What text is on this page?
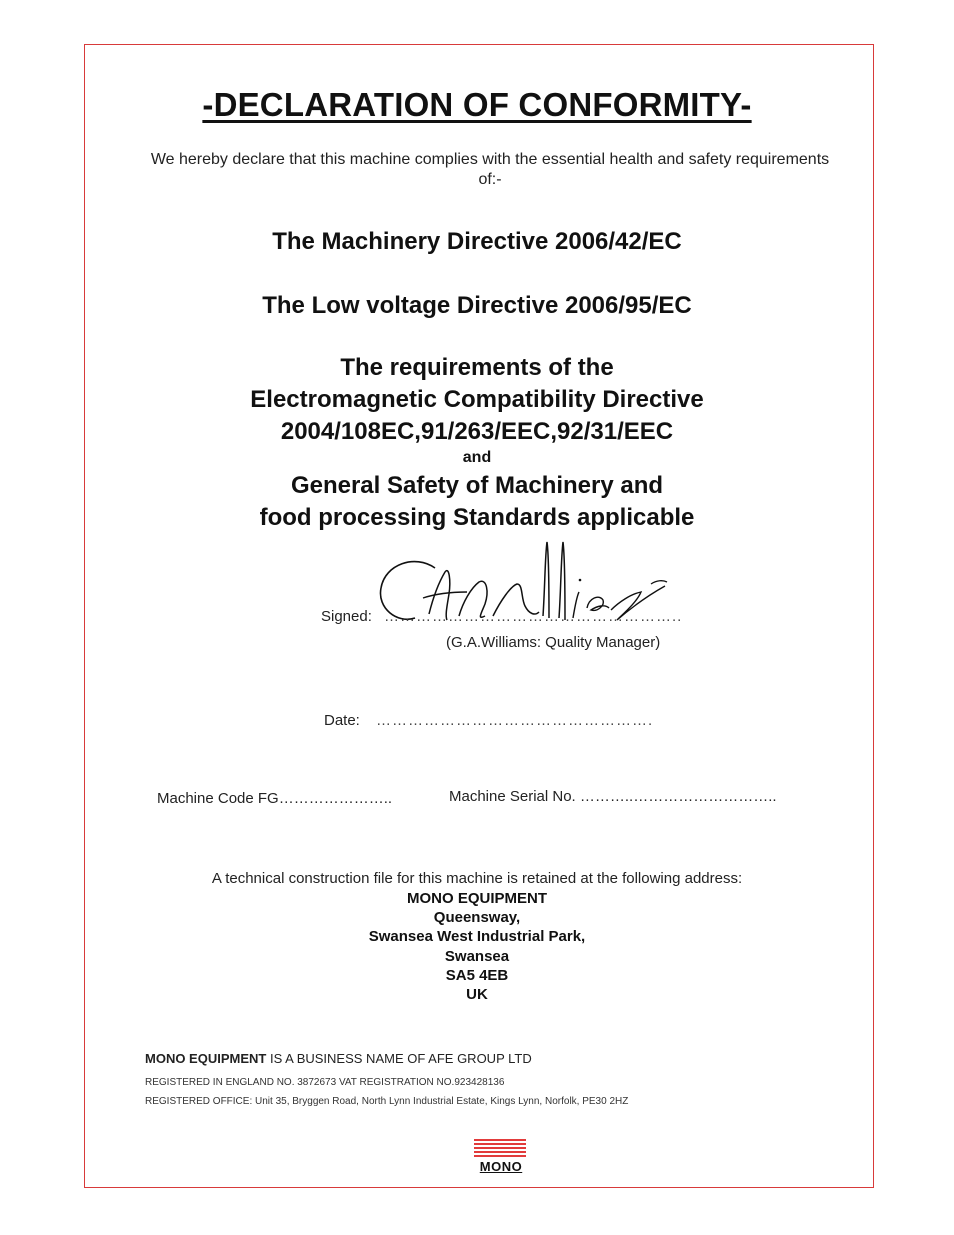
-DECLARATION OF CONFORMITY-
We hereby declare that this machine complies with the essential health and safety requirements of:-
The Machinery Directive 2006/42/EC
The Low voltage Directive 2006/95/EC
The requirements of the
Electromagnetic Compatibility Directive
2004/108EC,91/263/EEC,92/31/EEC
and
General Safety of Machinery and
food processing Standards applicable
Signed: ………………………………………………..
(G.A.Williams: Quality Manager)
Date: …………………………………………….
Machine Code FG…………………..	Machine Serial No. ………..………………………..
A technical construction file for this machine is retained at the following address:
MONO EQUIPMENT
Queensway,
Swansea West Industrial Park,
Swansea
SA5 4EB
UK
MONO EQUIPMENT IS A BUSINESS NAME OF AFE GROUP LTD
REGISTERED IN ENGLAND NO. 3872673 VAT REGISTRATION NO.923428136
REGISTERED OFFICE: Unit 35, Bryggen Road, North Lynn Industrial Estate, Kings Lynn, Norfolk, PE30 2HZ
MONO
